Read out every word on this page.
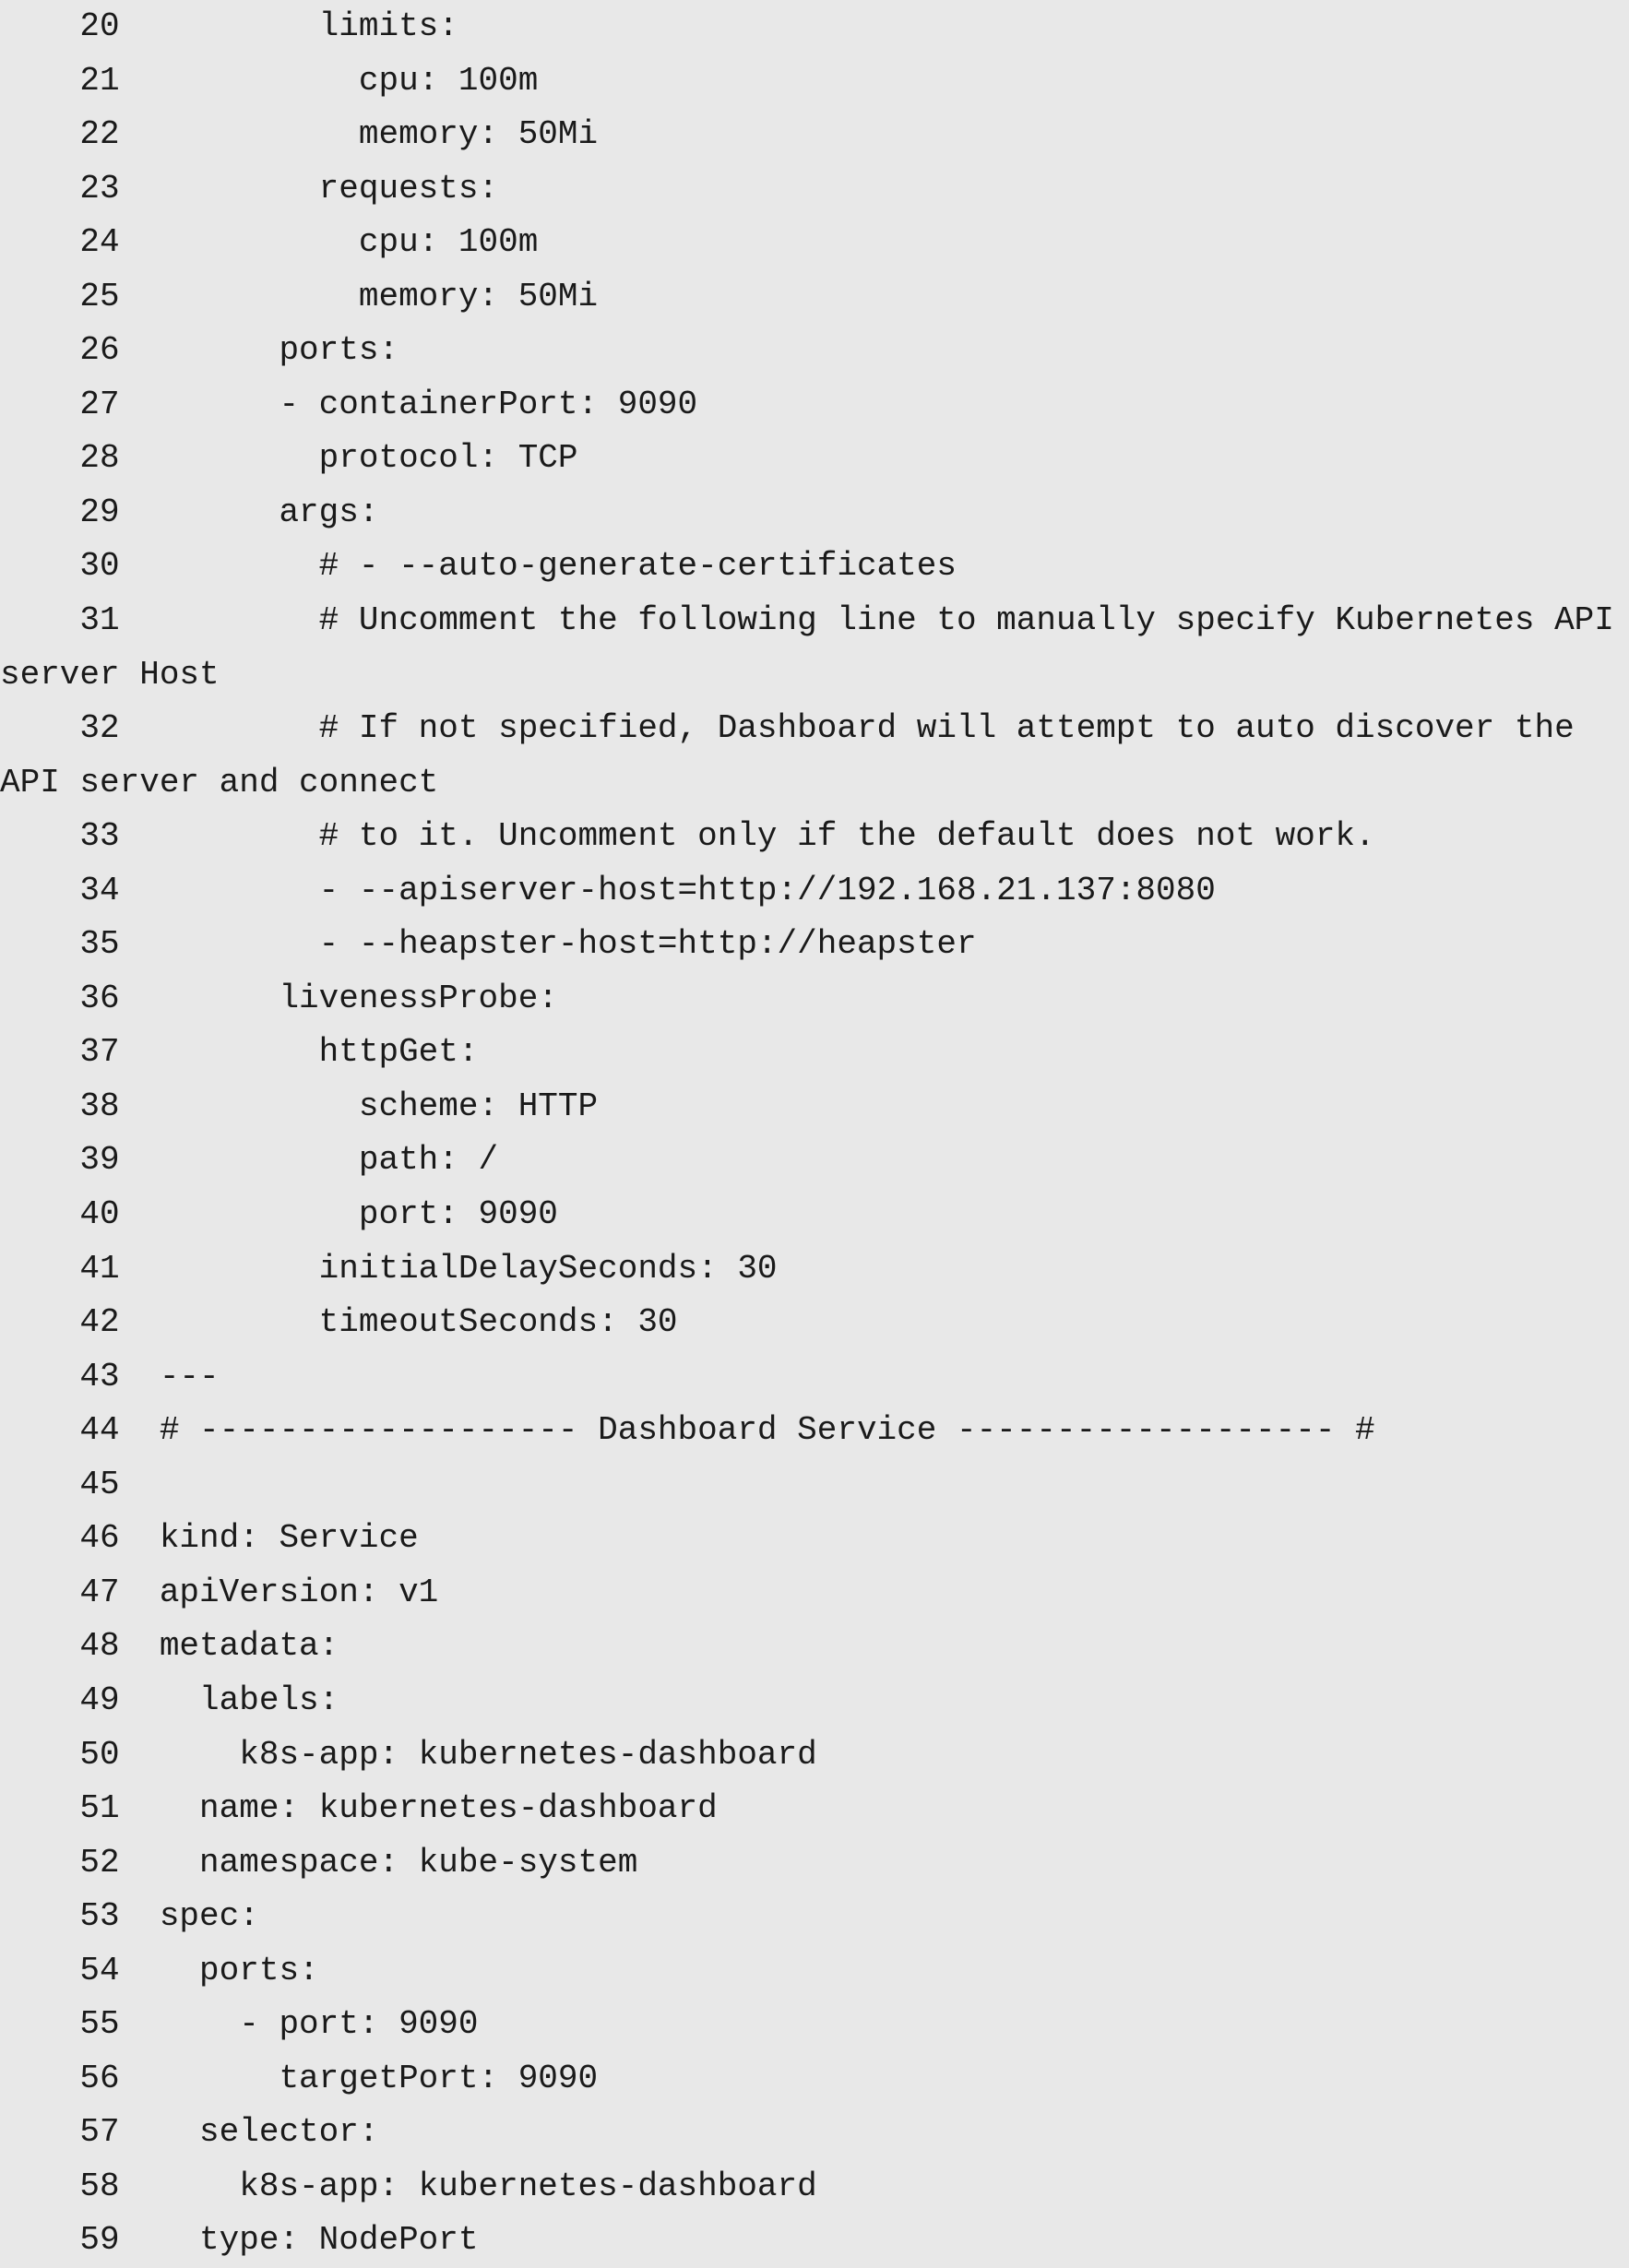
20          limits:
21            cpu: 100m
22            memory: 50Mi
23          requests:
24            cpu: 100m
25            memory: 50Mi
26        ports:
27        - containerPort: 9090
28          protocol: TCP
29        args:
30          # - --auto-generate-certificates
31          # Uncomment the following line to manually specify Kubernetes API
server Host
32          # If not specified, Dashboard will attempt to auto discover the
API server and connect
33          # to it. Uncomment only if the default does not work.
34          - --apiserver-host=http://192.168.21.137:8080
35          - --heapster-host=http://heapster
36        livenessProbe:
37          httpGet:
38            scheme: HTTP
39            path: /
40            port: 9090
41          initialDelaySeconds: 30
42          timeoutSeconds: 30
43  ---
44  # ------------------- Dashboard Service ------------------- #
45
46  kind: Service
47  apiVersion: v1
48  metadata:
49    labels:
50      k8s-app: kubernetes-dashboard
51    name: kubernetes-dashboard
52    namespace: kube-system
53  spec:
54    ports:
55      - port: 9090
56        targetPort: 9090
57    selector:
58      k8s-app: kubernetes-dashboard
59    type: NodePort
